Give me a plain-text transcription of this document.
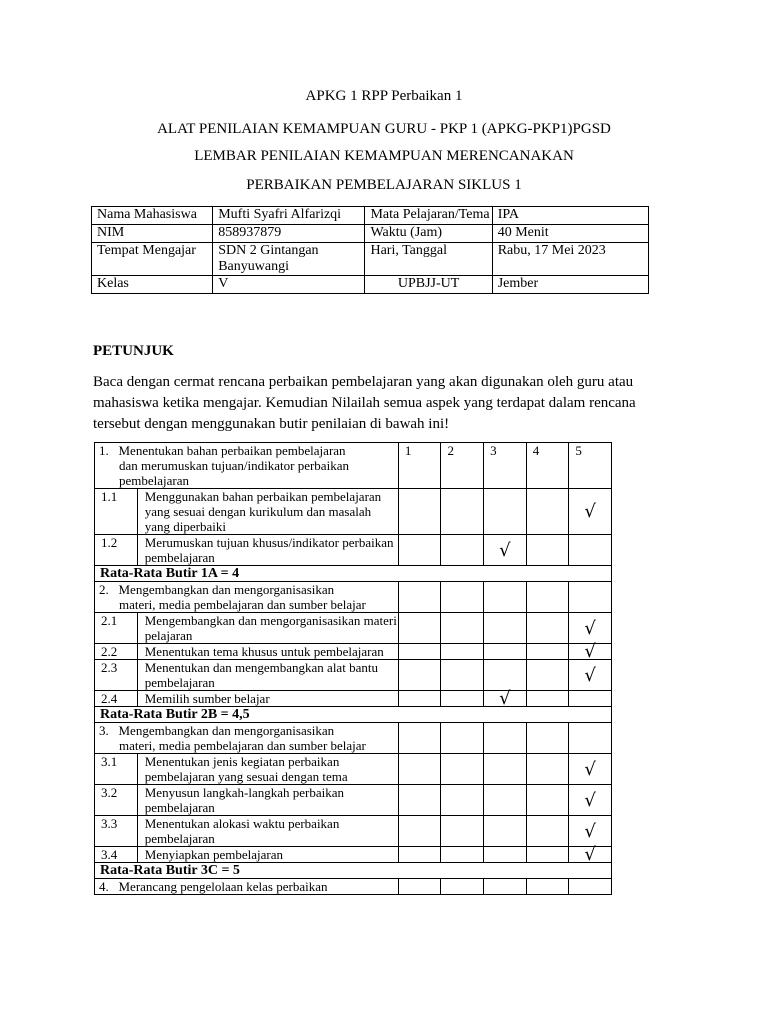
APKG 1 RPP Perbaikan 1
ALAT PENILAIAN KEMAMPUAN GURU - PKP 1 (APKG-PKP1)PGSD
LEMBAR PENILAIAN KEMAMPUAN MERENCANAKAN
PERBAIKAN PEMBELAJARAN SIKLUS 1
Nama Mahasiswa	Mufti Syafri Alfarizqi	Mata Pelajaran/Tema	IPA
NIM	858937879	Waktu (Jam)	40 Menit
Tempat Mengajar	SDN 2 Gintangan Banyuwangi	Hari, Tanggal	Rabu, 17 Mei 2023
Kelas	V	UPBJJ-UT	Jember
PETUNJUK
Baca dengan cermat rencana perbaikan pembelajaran yang akan digunakan oleh guru atau mahasiswa ketika mengajar. Kemudian Nilailah semua aspek yang terdapat dalam rencana tersebut dengan menggunakan butir penilaian di bawah ini!
1. Menentukan bahan perbaikan pembelajaran
dan merumuskan tujuan/indikator perbaikan pembelajaran		1	2	3	4	5
1.1	Menggunakan bahan perbaikan pembelajaran yang sesuai dengan kurikulum dan masalah yang diperbaiki					√
1.2	Merumuskan tujuan khusus/indikator perbaikan pembelajaran			√		
Rata-Rata Butir 1A = 4						
2. Mengembangkan dan mengorganisasikan
materi, media pembelajaran dan sumber belajar						

2.1	Mengembangkan dan mengorganisasikan materi pelajaran					√
2.2	Menentukan tema khusus untuk pembelajaran					√
2.3	Menentukan dan mengembangkan alat bantu pembelajaran					√
2.4	Memilih sumber belajar			√		
Rata-Rata Butir 2B = 4,5						
3. Mengembangkan dan mengorganisasikan
materi, media pembelajaran dan sumber belajar						

3.1	Menentukan jenis kegiatan perbaikan pembelajaran yang sesuai dengan tema					√
3.2	Menyusun langkah-langkah perbaikan pembelajaran					√
3.3	Menentukan alokasi waktu perbaikan pembelajaran					√
3.4	Menyiapkan pembelajaran					√
Rata-Rata Butir 3C = 5						
4. Merancang pengelolaan kelas perbaikan						
